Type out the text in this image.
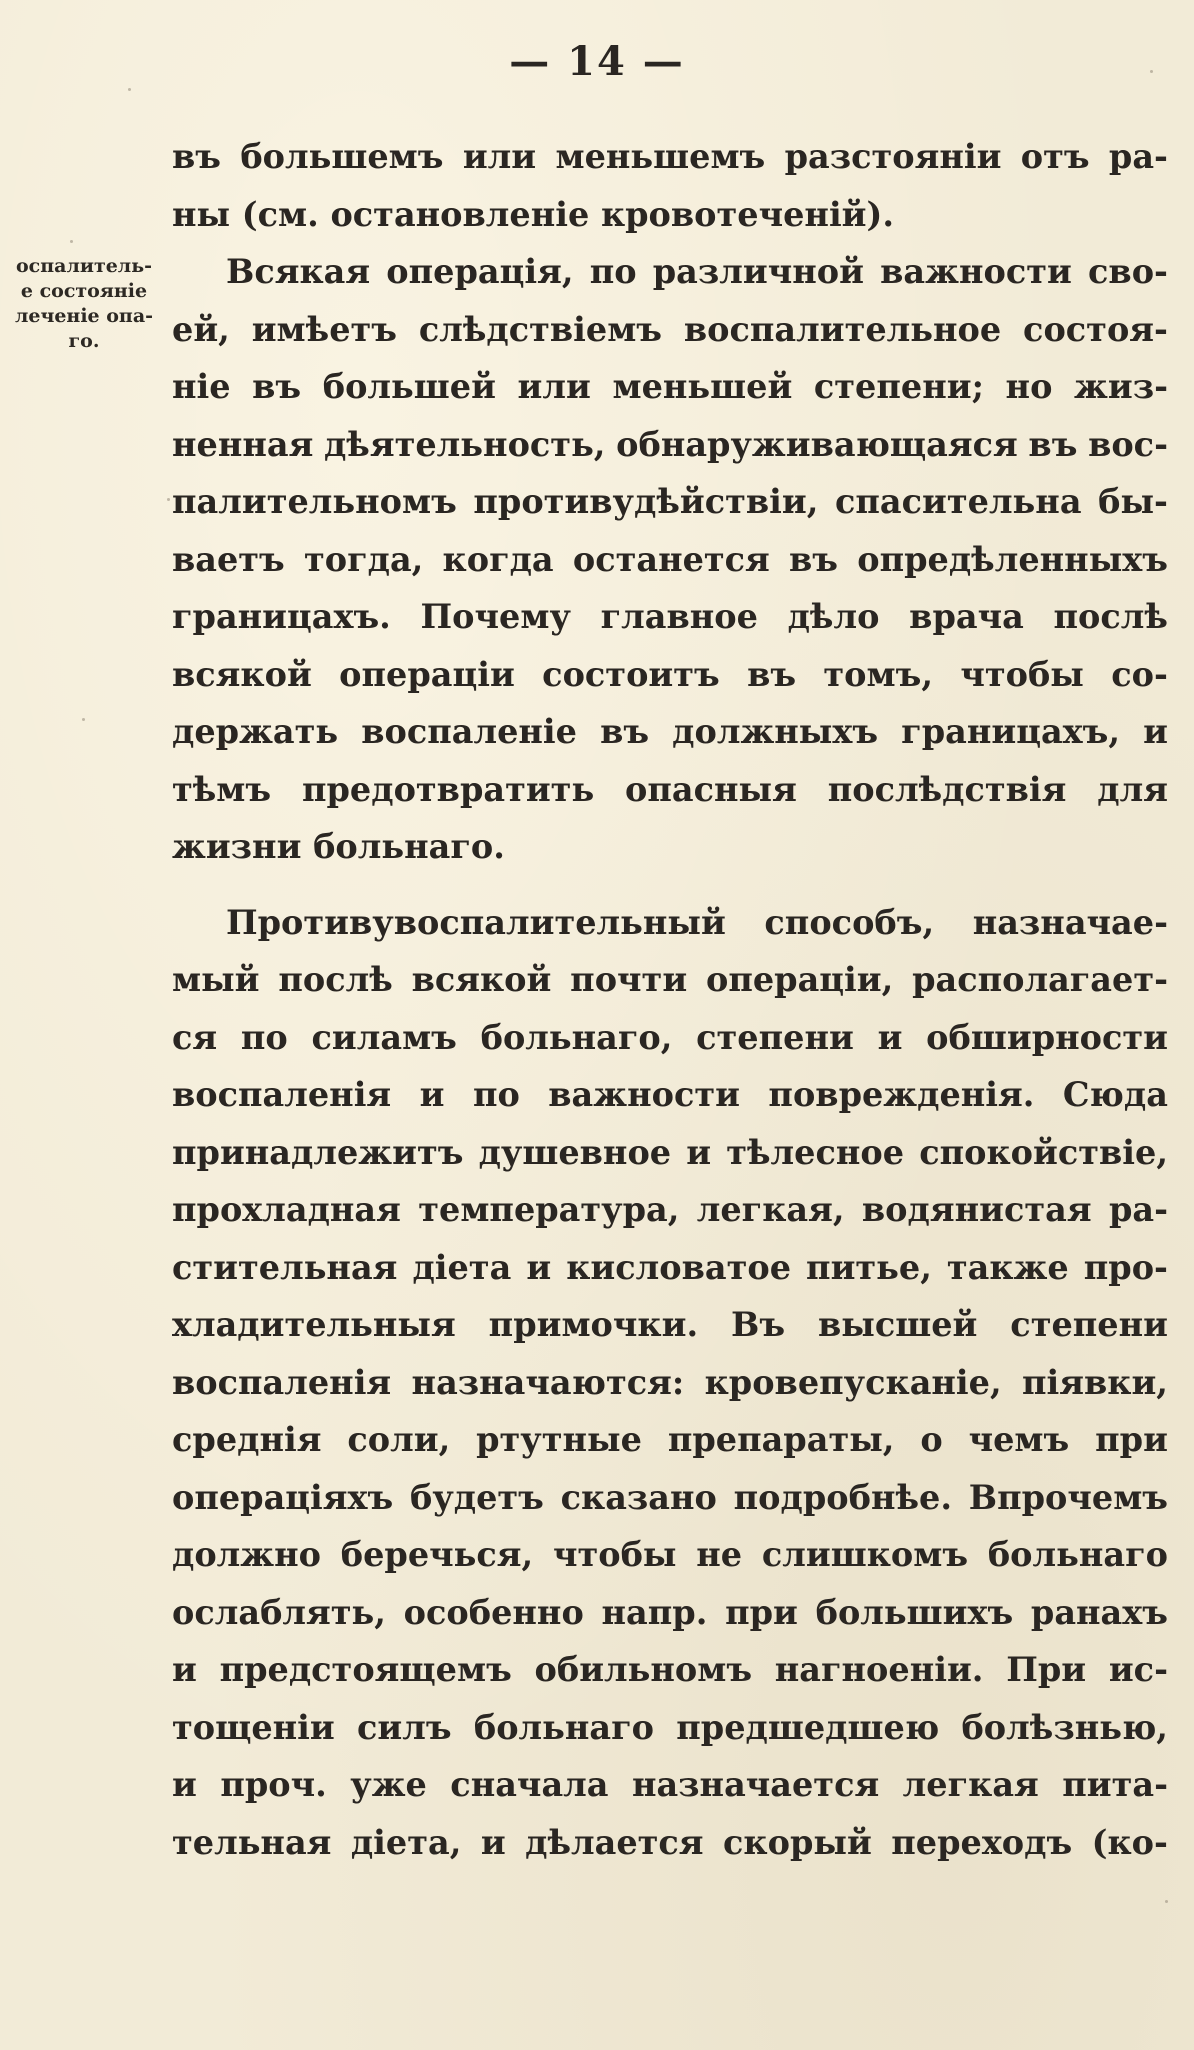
— 14 —
оспалитель-
е состоянiе
леченiе опа-
го.
въ большемъ или меньшемъ разстоянiи отъ ра-
ны (см. остановленiе кровотеченiй).
Всякая операцiя, по различной важности сво-
ей, имѣетъ слѣдствiемъ воспалительное состоя-
нiе въ большей или меньшей степени; но жиз-
ненная дѣятельность, обнаруживающаяся въ вос-
палительномъ противудѣйствiи, спасительна бы-
ваетъ тогда, когда останется въ опредѣленныхъ
границахъ. Почему главное дѣло врача послѣ
всякой операцiи состоитъ въ томъ, чтобы со-
держать воспаленiе въ должныхъ границахъ, и
тѣмъ предотвратить опасныя послѣдствiя для
жизни больнаго.
Противувоспалительный способъ, назначае-
мый послѣ всякой почти операцiи, располагает-
ся по силамъ больнаго, степени и обширности
воспаленiя и по важности поврежденiя. Сюда
принадлежитъ душевное и тѣлесное спокойствiе,
прохладная температура, легкая, водянистая ра-
стительная дiета и кисловатое питье, также про-
хладительныя примочки. Въ высшей степени
воспаленiя назначаются: кровепусканiе, пiявки,
среднiя соли, ртутные препараты, о чемъ при
операцiяхъ будетъ сказано подробнѣе. Впрочемъ
должно беречься, чтобы не слишкомъ больнаго
ослаблять, особенно напр. при большихъ ранахъ
и предстоящемъ обильномъ нагноенiи. При ис-
тощенiи силъ больнаго предшедшею болѣзнью,
и проч. уже сначала назначается легкая пита-
тельная дiета, и дѣлается скорый переходъ (ко-
